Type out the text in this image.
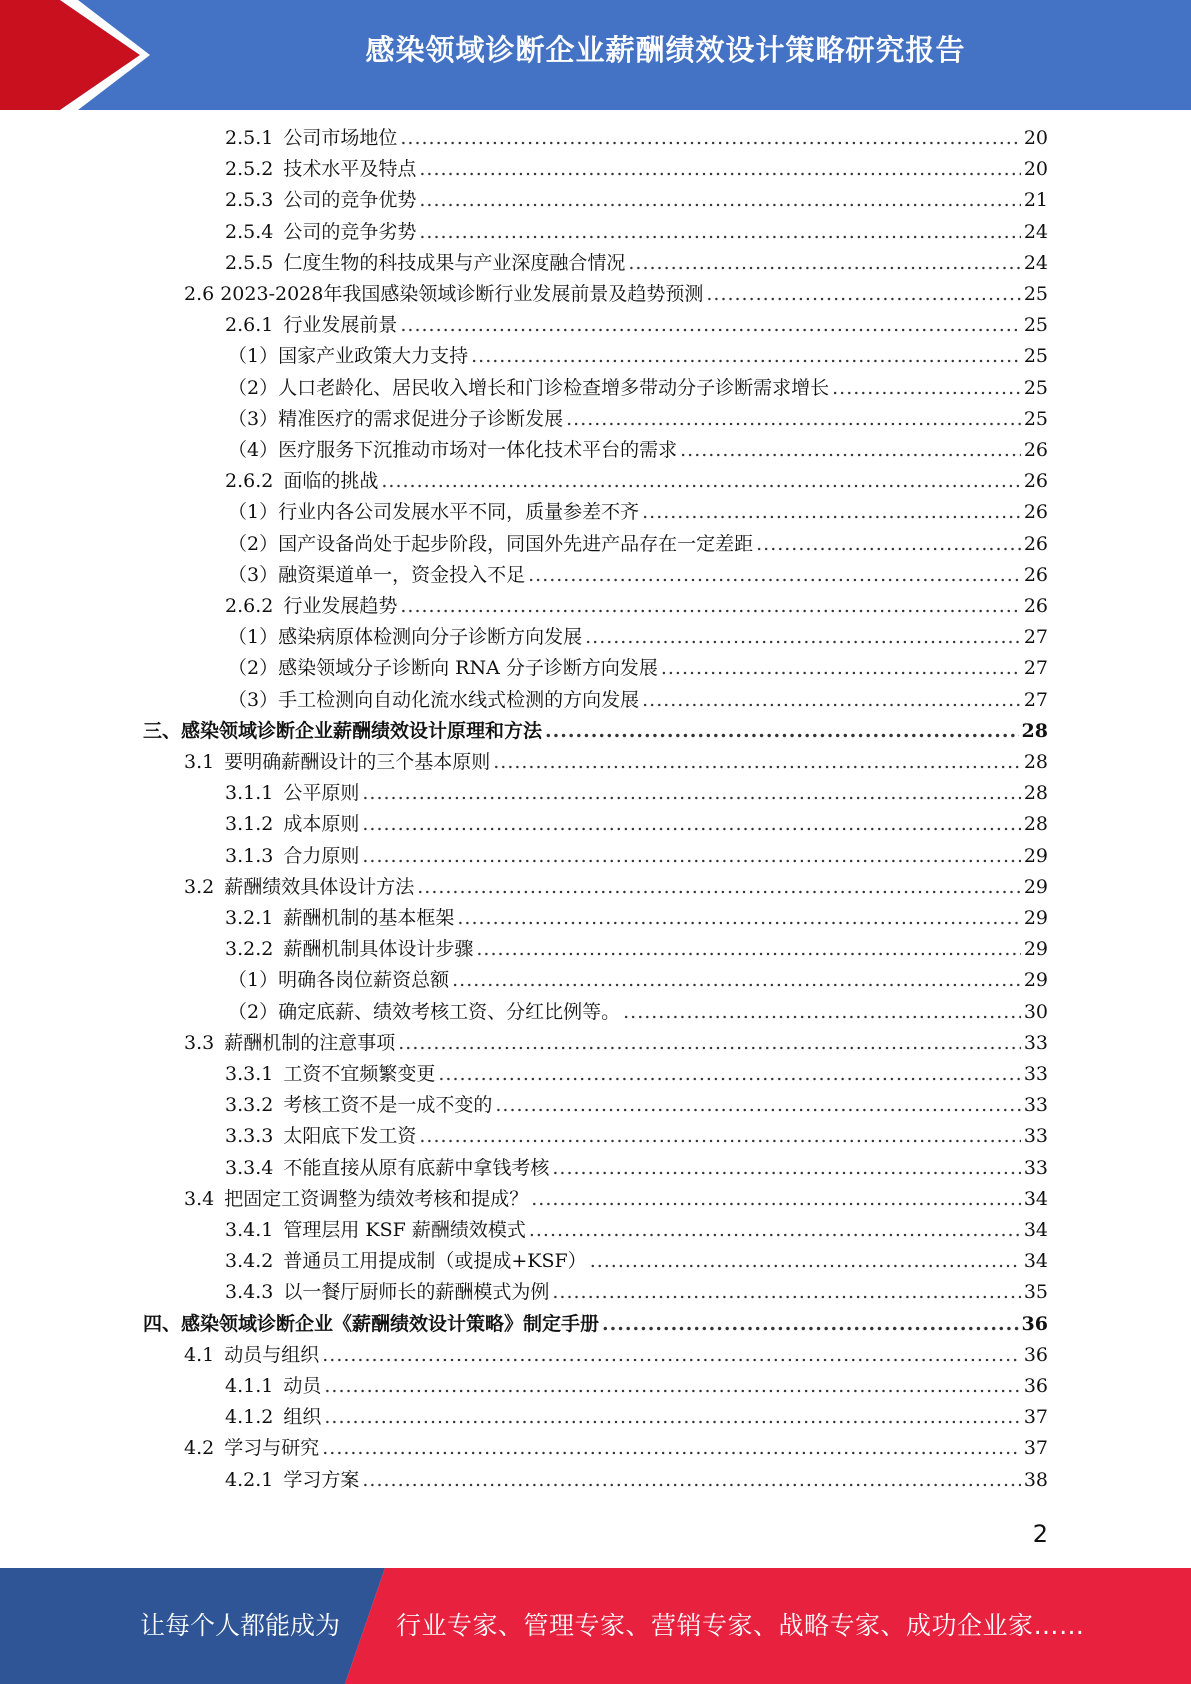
感染领域诊断企业薪酬绩效设计策略研究报告
2.5.1 公司市场地位 .....	20
2.5.2 技术水平及特点 .....	20
2.5.3 公司的竞争优势 .....	21
2.5.4 公司的竞争劣势 .....	24
2.5.5 仁度生物的科技成果与产业深度融合情况 .....	24
2.6 2023-2028年我国感染领域诊断行业发展前景及趋势预测 .....	25
2.6.1 行业发展前景 .....	25
（1） 国家产业政策大力支持 .....	25
（2） 人口老龄化、居民收入增长和门诊检查增多带动分子诊断需求增长 .....	25
（3） 精准医疗的需求促进分子诊断发展 .....	25
（4） 医疗服务下沉推动市场对一体化技术平台的需求 .....	26
2.6.2 面临的挑战 .....	26
（1） 行业内各公司发展水平不同，质量参差不齐 .....	26
（2） 国产设备尚处于起步阶段，同国外先进产品存在一定差距 .....	26
（3） 融资渠道单一，资金投入不足 .....	26
2.6.2 行业发展趋势 .....	26
（1） 感染病原体检测向分子诊断方向发展 .....	27
（2） 感染领域分子诊断向 RNA 分子诊断方向发展 .....	27
（3） 手工检测向自动化流水线式检测的方向发展 .....	27
三、 感染领域诊断企业薪酬绩效设计原理和方法 .....	28
3.1 要明确薪酬设计的三个基本原则 .....	28
3.1.1 公平原则 .....	28
3.1.2 成本原则 .....	28
3.1.3 合力原则 .....	29
3.2 薪酬绩效具体设计方法 .....	29
3.2.1 薪酬机制的基本框架 .....	29
3.2.2 薪酬机制具体设计步骤 .....	29
（1） 明确各岗位薪资总额 .....	29
（2） 确定底薪、绩效考核工资、分红比例等。 .....	30
3.3 薪酬机制的注意事项 .....	33
3.3.1 工资不宜频繁变更 .....	33
3.3.2 考核工资不是一成不变的 .....	33
3.3.3 太阳底下发工资 .....	33
3.3.4 不能直接从原有底薪中拿钱考核 .....	33
3.4 把固定工资调整为绩效考核和提成？ .....	34
3.4.1 管理层用 KSF 薪酬绩效模式 .....	34
3.4.2 普通员工用提成制（或提成+KSF） .....	34
3.4.3 以一餐厅厨师长的薪酬模式为例 .....	35
四、 感染领域诊断企业《薪酬绩效设计策略》制定手册 .....	36
4.1 动员与组织 .....	36
4.1.1 动员 .....	36
4.1.2 组织 .....	37
4.2 学习与研究 .....	37
4.2.1 学习方案 .....	38
2
让每个人都能成为 行业专家、管理专家、营销专家、战略专家、成功企业家……
